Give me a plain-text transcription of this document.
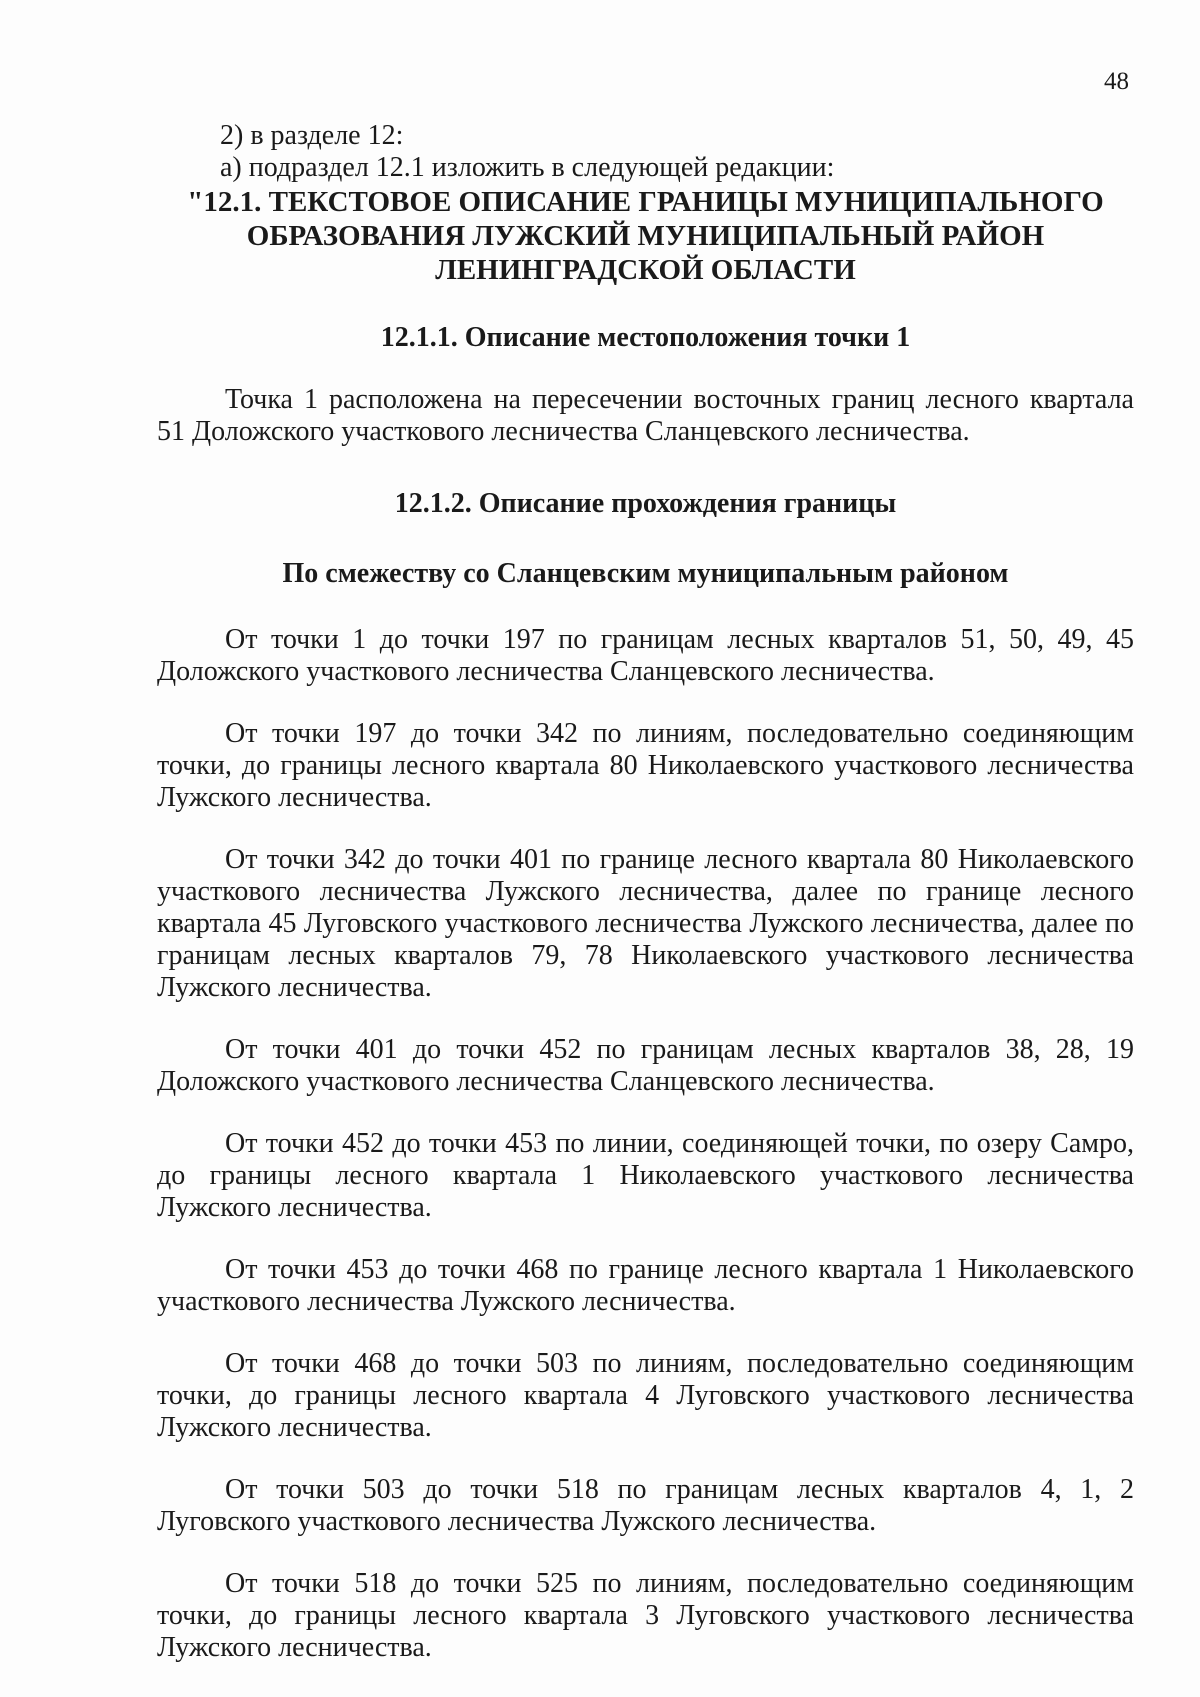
48

2) в разделе 12:

а) подраздел 12.1 изложить в следующей редакции:

"12.1. ТЕКСТОВОЕ ОПИСАНИЕ ГРАНИЦЫ МУНИЦИПАЛЬНОГО

ОБРАЗОВАНИЯ ЛУЖСКИЙ МУНИЦИПАЛЬНЫЙ РАЙОН

ЛЕНИНГРАДСКОЙ ОБЛАСТИ

12.1.1. Описание местоположения точки 1

Точка 1 расположена на пересечении восточных границ лесного квартала 51 Доложского участкового лесничества Сланцевского лесничества.

12.1.2. Описание прохождения границы

По смежеству со Сланцевским муниципальным районом

От точки 1 до точки 197 по границам лесных кварталов 51, 50, 49, 45 Доложского участкового лесничества Сланцевского лесничества.

От точки 197 до точки 342 по линиям, последовательно соединяющим точки, до границы лесного квартала 80 Николаевского участкового лесничества Лужского лесничества.

От точки 342 до точки 401 по границе лесного квартала 80 Николаевского участкового лесничества Лужского лесничества, далее по границе лесного квартала 45 Луговского участкового лесничества Лужского лесничества, далее по границам лесных кварталов 79, 78 Николаевского участкового лесничества Лужского лесничества.

От точки 401 до точки 452 по границам лесных кварталов 38, 28, 19 Доложского участкового лесничества Сланцевского лесничества.

От точки 452 до точки 453 по линии, соединяющей точки, по озеру Самро, до границы лесного квартала 1 Николаевского участкового лесничества Лужского лесничества.

От точки 453 до точки 468 по границе лесного квартала 1 Николаевского участкового лесничества Лужского лесничества.

От точки 468 до точки 503 по линиям, последовательно соединяющим точки, до границы лесного квартала 4 Луговского участкового лесничества Лужского лесничества.

От точки 503 до точки 518 по границам лесных кварталов 4, 1, 2 Луговского участкового лесничества Лужского лесничества.

От точки 518 до точки 525 по линиям, последовательно соединяющим точки, до границы лесного квартала 3 Луговского участкового лесничества Лужского лесничества.
